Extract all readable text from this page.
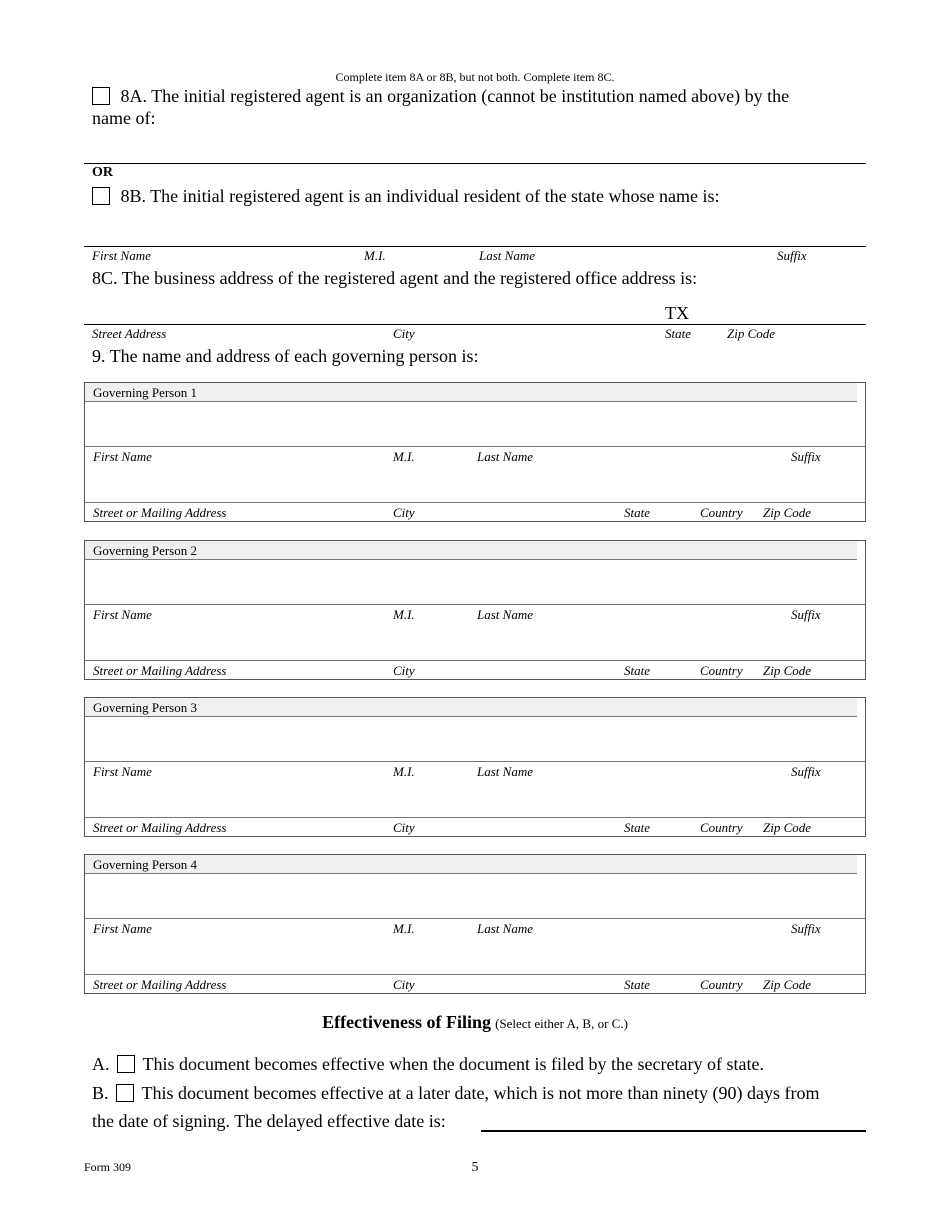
Complete item 8A or 8B, but not both. Complete item 8C.
8A. The initial registered agent is an organization (cannot be institution named above) by the
name of:
OR
8B. The initial registered agent is an individual resident of the state whose name is:
First Name	M.I.	Last Name	Suffix
8C. The business address of the registered agent and the registered office address is:
TX
Street Address	City	State	Zip Code
9. The name and address of each governing person is:
Governing Person 1
First Name	M.I.	Last Name	Suffix
Street or Mailing Address	City	State	Country Zip Code
Governing Person 2
First Name	M.I.	Last Name	Suffix
Street or Mailing Address	City	State	Country Zip Code
Governing Person 3
First Name	M.I.	Last Name	Suffix
Street or Mailing Address	City	State	Country Zip Code
Governing Person 4
First Name	M.I.	Last Name	Suffix
Street or Mailing Address	City	State	Country Zip Code
Effectiveness of Filing (Select either A, B, or C.)
A. This document becomes effective when the document is filed by the secretary of state.
B. This document becomes effective at a later date, which is not more than ninety (90) days from
the date of signing. The delayed effective date is:
Form 309	5
